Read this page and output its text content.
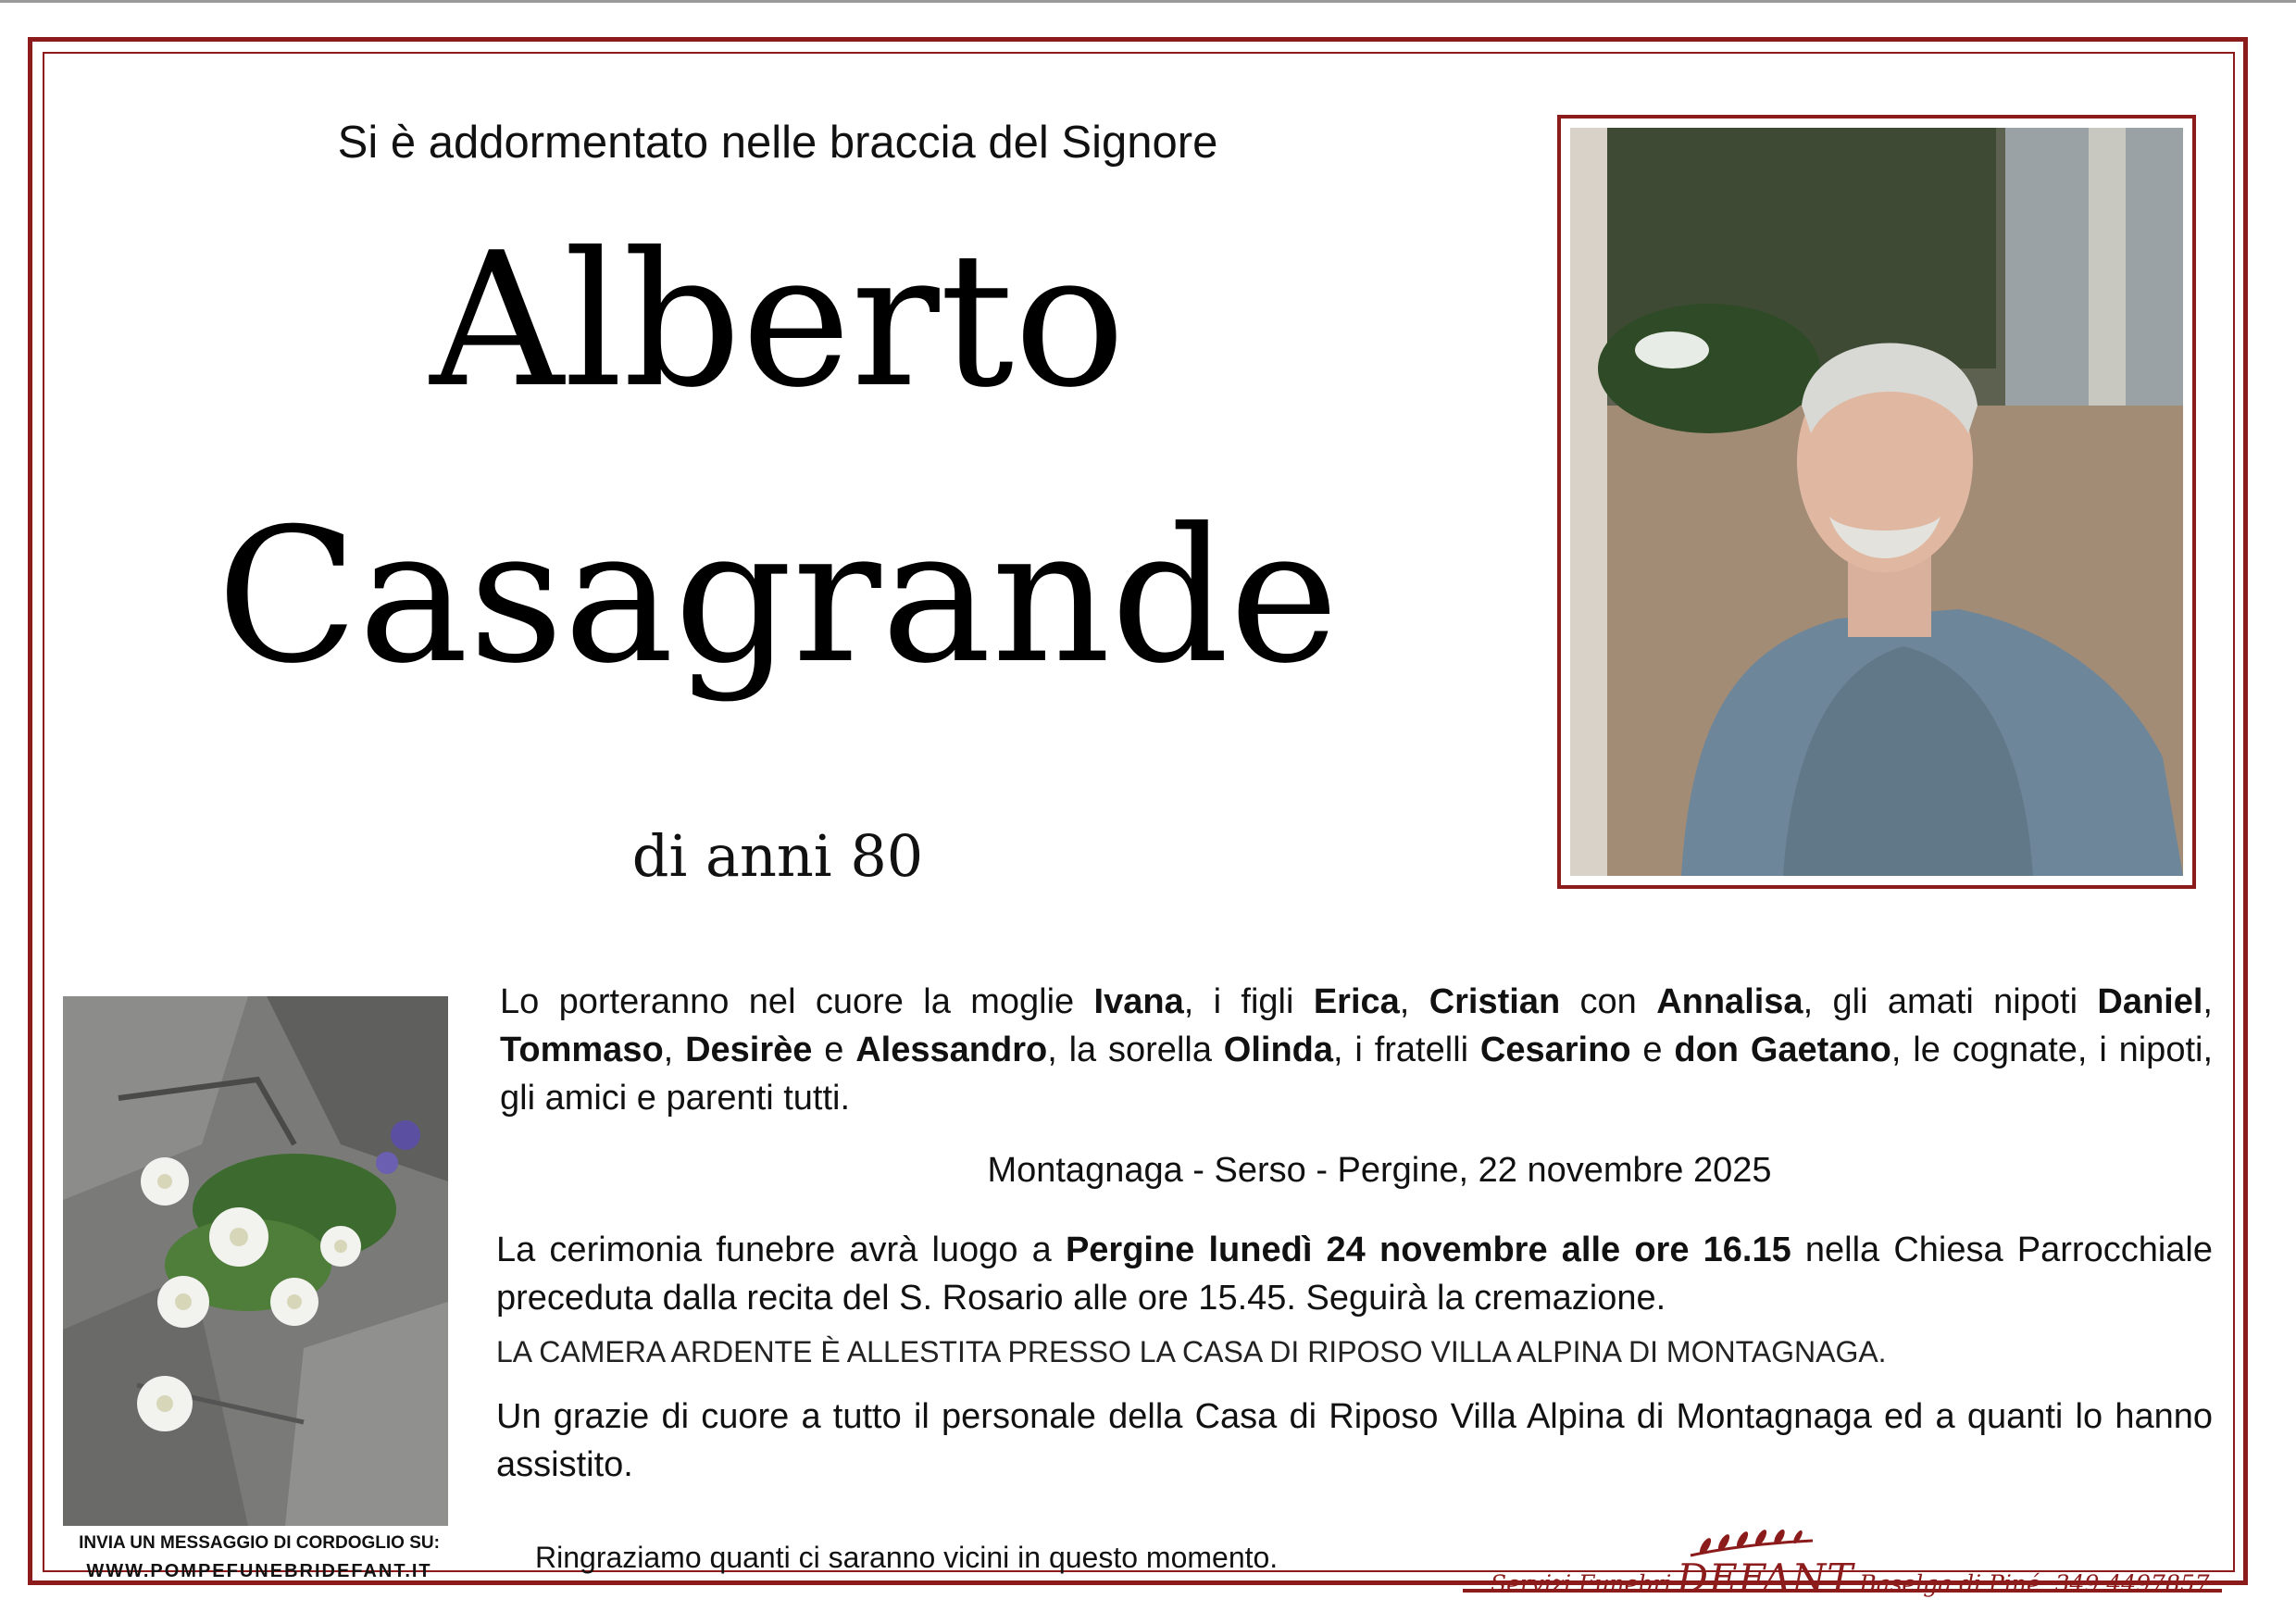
Si è addormentato nelle braccia del Signore
Alberto
Casagrande
di anni 80
INVIA UN MESSAGGIO DI CORDOGLIO SU:
WWW.POMPEFUNEBRIDEFANT.IT
Lo porteranno nel cuore la moglie Ivana, i figli Erica, Cristian con Annalisa, gli amati nipoti Daniel, Tommaso, Desirèe e Alessandro, la sorella Olinda, i fratelli Cesarino e don Gaetano, le cognate, i nipoti, gli amici e parenti tutti.
Montagnaga - Serso - Pergine, 22 novembre 2025
La cerimonia funebre avrà luogo a Pergine lunedì 24 novembre alle ore 16.15 nella Chiesa Parrocchiale preceduta dalla recita del S. Rosario alle ore 15.45. Seguirà la cremazione.
LA CAMERA ARDENTE È ALLESTITA PRESSO LA CASA DI RIPOSO VILLA ALPINA DI MONTAGNAGA.
Un grazie di cuore a tutto il personale della Casa di Riposo Villa Alpina di Montagnaga ed a quanti lo hanno assistito.
Ringraziamo quanti ci saranno vicini in questo momento.
Servizi Funebri DEFANT Baselga di Piné 349 4497857
